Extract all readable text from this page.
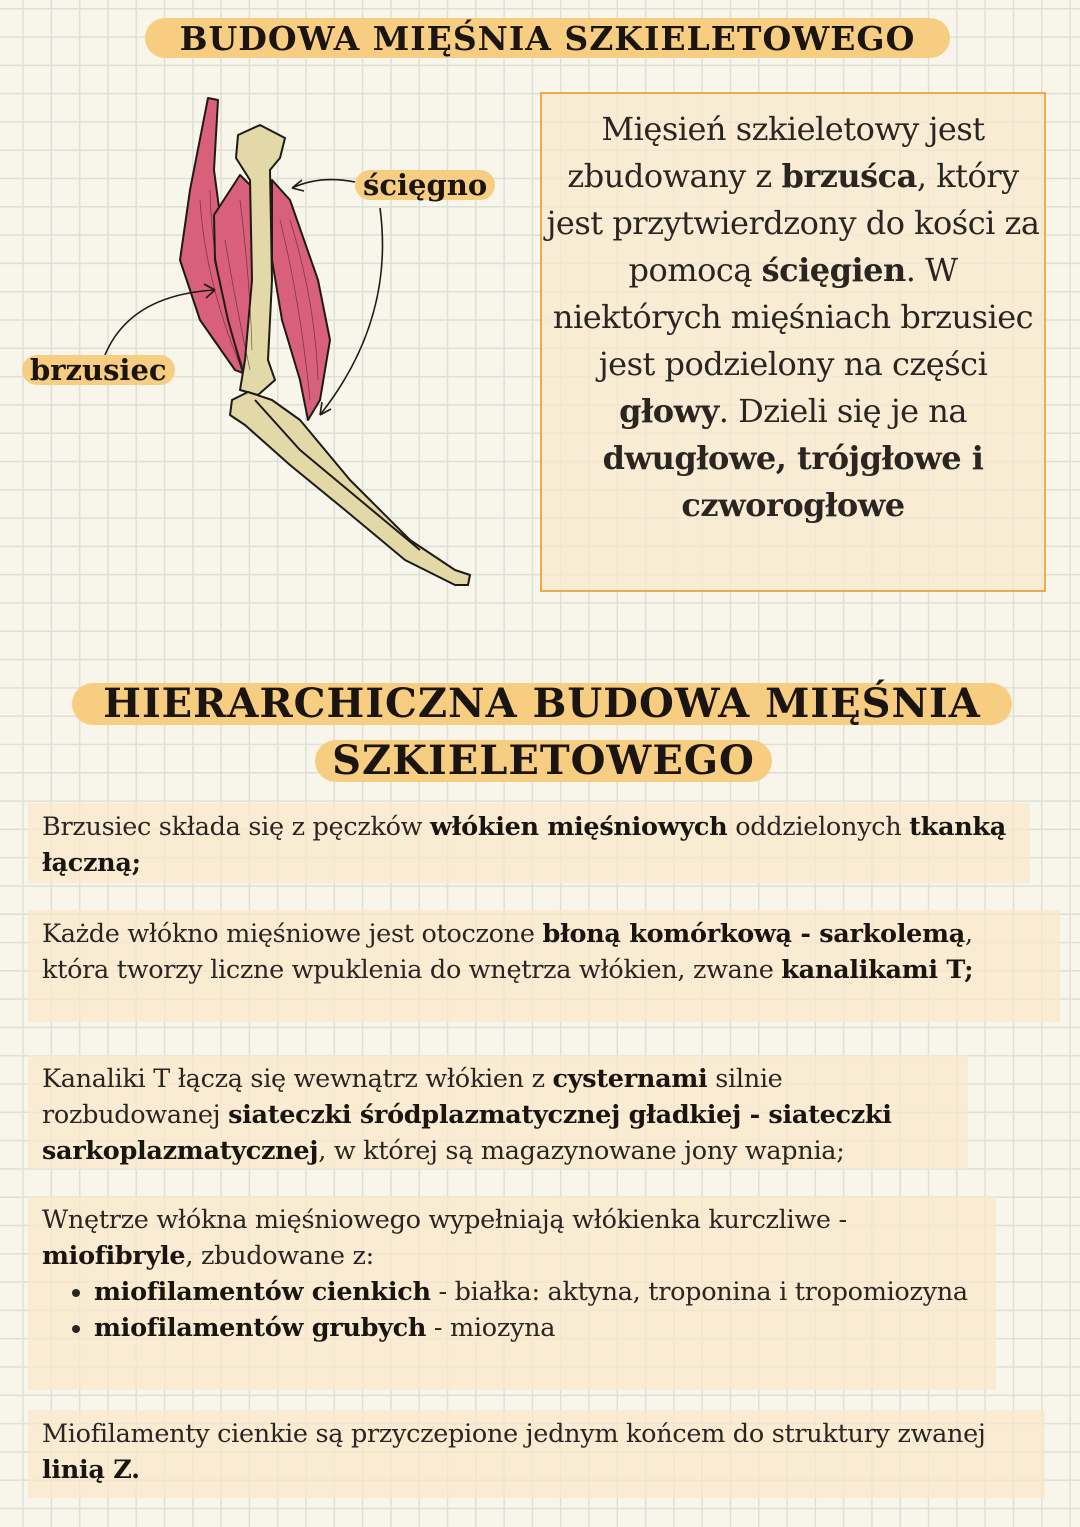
BUDOWA MIĘŚNIA SZKIELETOWEGO
ścięgno
brzusiec
Mięsień szkieletowy jest zbudowany z brzuśca, który jest przytwierdzony do kości za pomocą ścięgien. W niektórych mięśniach brzusiec jest podzielony na części głowy. Dzieli się je na dwugłowe, trójgłowe i czworogłowe
HIERARCHICZNA BUDOWA MIĘŚNIA
SZKIELETOWEGO
Brzusiec składa się z pęczków włókien mięśniowych oddzielonych tkanką łączną;
Każde włókno mięśniowe jest otoczone błoną komórkową - sarkolemą, która tworzy liczne wpuklenia do wnętrza włókien, zwane kanalikami T;
Kanaliki T łączą się wewnątrz włókien z cysternami silnie rozbudowanej siateczki śródplazmatycznej gładkiej - siateczki sarkoplazmatycznej, w której są magazynowane jony wapnia;
Wnętrze włókna mięśniowego wypełniają włókienka kurczliwe - miofibryle, zbudowane z:
• miofilamentów cienkich - białka: aktyna, troponina i tropomiozyna
• miofilamentów grubych - miozyna
Miofilamenty cienkie są przyczepione jednym końcem do struktury zwanej linią Z.
